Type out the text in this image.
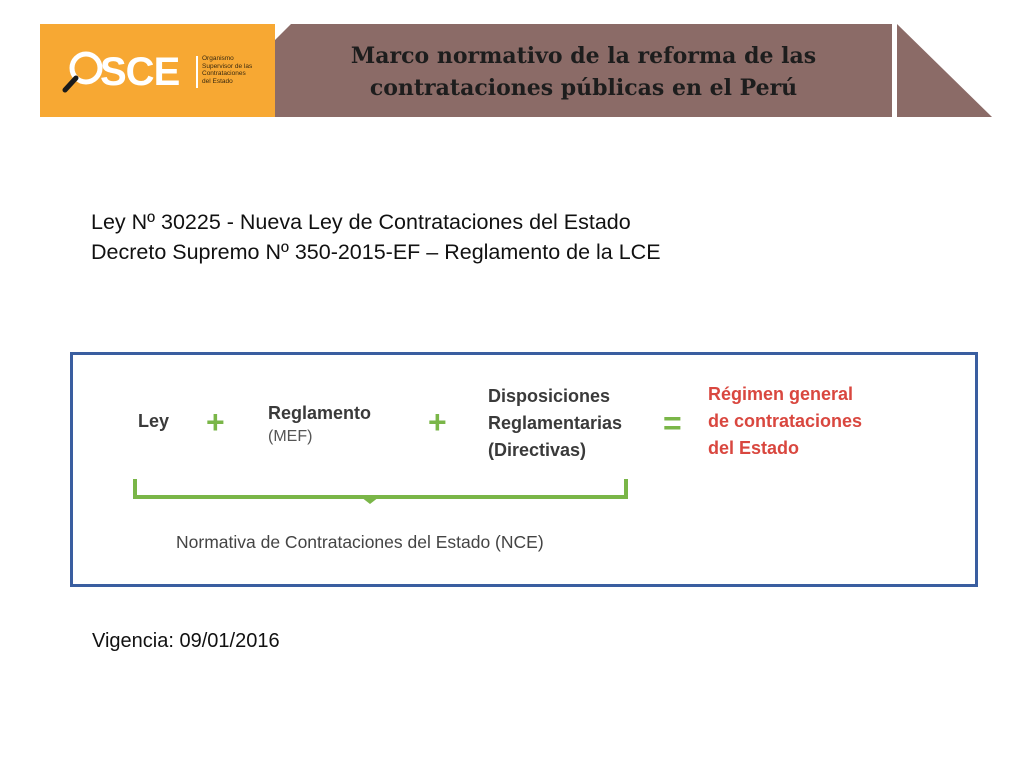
SCE	Organismo
Supervisor de las
Contrataciones
del Estado
Marco normativo de la reforma de las
contrataciones públicas en el Perú
Ley Nº 30225 - Nueva Ley de Contrataciones del Estado
Decreto Supremo Nº 350-2015-EF – Reglamento de la LCE
Ley + Reglamento
(MEF)	+
Disposiciones
Reglamentarias
(Directivas)
=
Régimen general
de contrataciones
del Estado
Normativa de Contrataciones del Estado (NCE)
Vigencia: 09/01/2016
